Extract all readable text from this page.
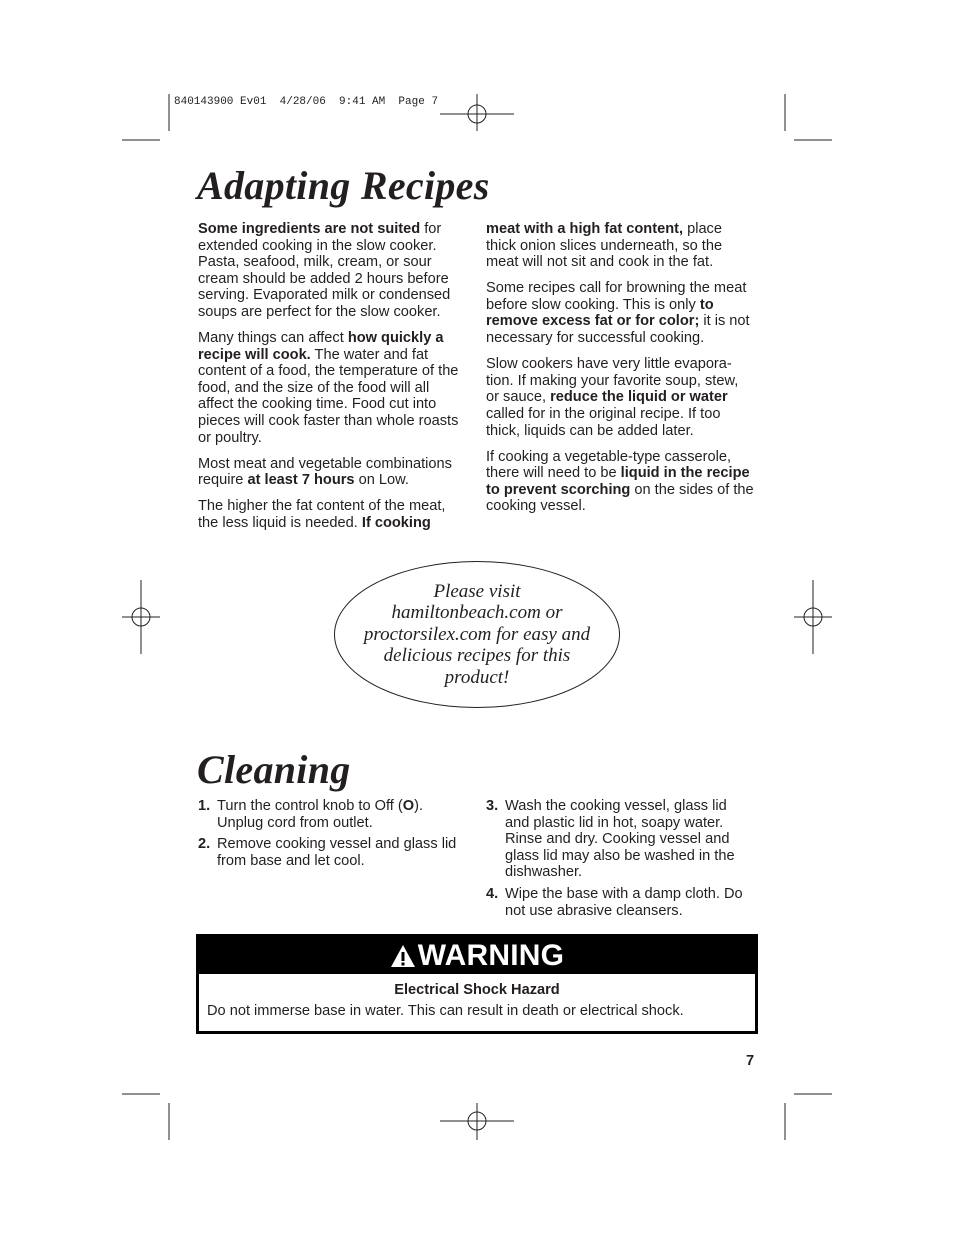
840143900 Ev01  4/28/06  9:41 AM  Page 7
Adapting Recipes

Some ingredients are not suited for extended cooking in the slow cooker. Pasta, seafood, milk, cream, or sour cream should be added 2 hours before serving. Evaporated milk or condensed soups are perfect for the slow cooker.

Many things can affect how quickly a recipe will cook. The water and fat content of a food, the temperature of the food, and the size of the food will all affect the cooking time. Food cut into pieces will cook faster than whole roasts or poultry.

Most meat and vegetable combinations require at least 7 hours on Low.

The higher the fat content of the meat, the less liquid is needed. If cooking

meat with a high fat content, place thick onion slices underneath, so the meat will not sit and cook in the fat.

Some recipes call for browning the meat before slow cooking. This is only to remove excess fat or for color; it is not necessary for successful cooking.

Slow cookers have very little evapora-tion. If making your favorite soup, stew, or sauce, reduce the liquid or water called for in the original recipe. If too thick, liquids can be added later.

If cooking a vegetable-type casserole, there will need to be liquid in the recipe to prevent scorching on the sides of the cooking vessel.

Please visit hamiltonbeach.com or proctorsilex.com for easy and delicious recipes for this product!
Cleaning
1. Turn the control knob to Off (O). Unplug cord from outlet.
2. Remove cooking vessel and glass lid from base and let cool.
3. Wash the cooking vessel, glass lid and plastic lid in hot, soapy water. Rinse and dry. Cooking vessel and glass lid may also be washed in the dishwasher.
4. Wipe the base with a damp cloth. Do not use abrasive cleansers.
WARNING
Electrical Shock Hazard
Do not immerse base in water. This can result in death or electrical shock.
7
